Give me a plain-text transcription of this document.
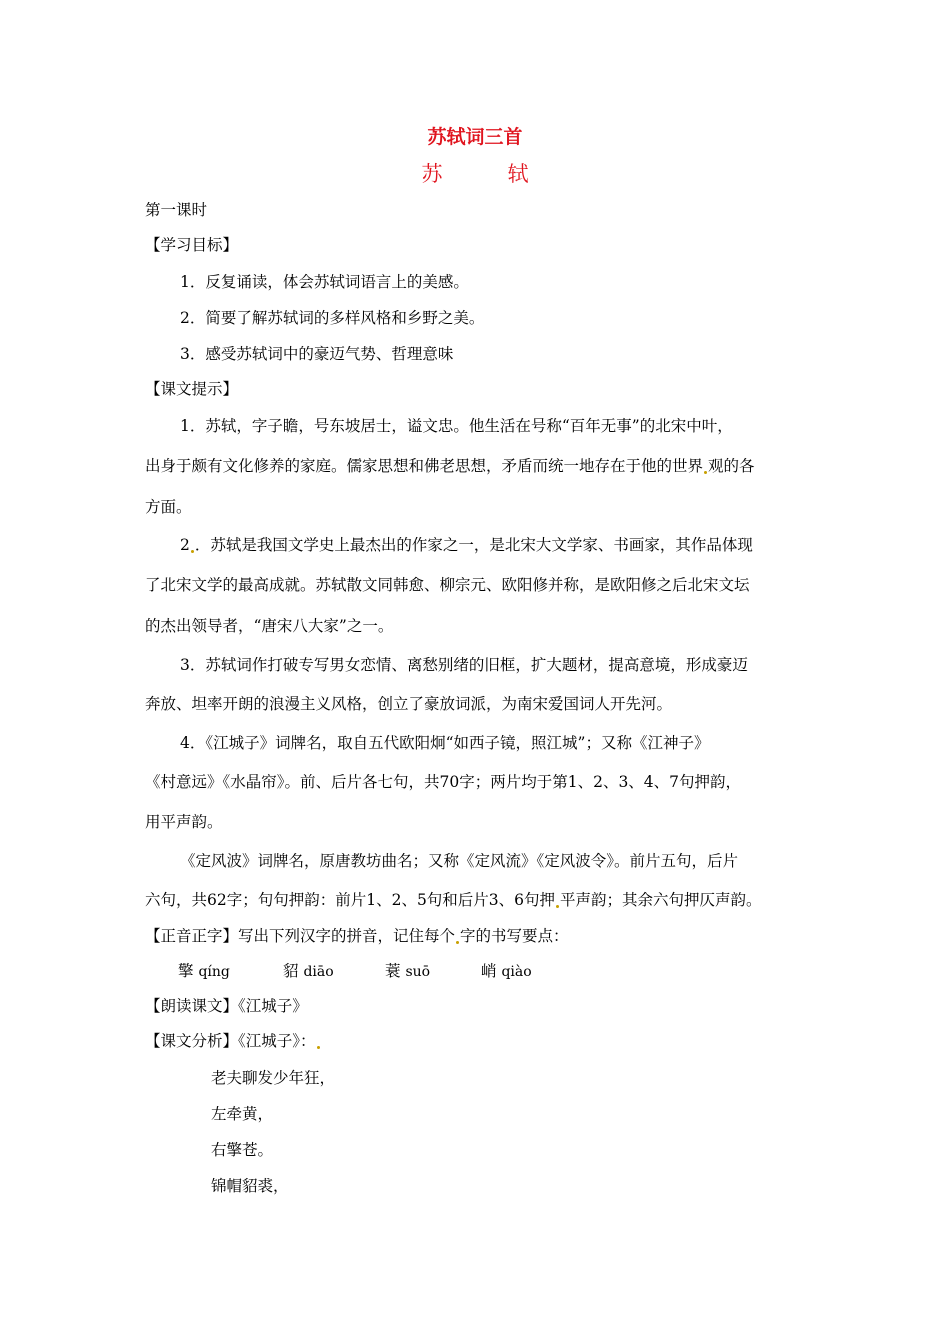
苏轼词三首
苏　轼
第一课时
【学习目标】
1．反复诵读，体会苏轼词语言上的美感。
2．简要了解苏轼词的多样风格和乡野之美。
3．感受苏轼词中的豪迈气势、哲理意味
【课文提示】
1．苏轼，字子瞻，号东坡居士，谥文忠。他生活在号称“百年无事”的北宋中叶，
出身于颇有文化修养的家庭。儒家思想和佛老思想，矛盾而统一地存在于他的世界 观的各
方面。
2 ．苏轼是我国文学史上最杰出的作家之一，是北宋大文学家、书画家，其作品体现
了北宋文学的最高成就。苏轼散文同韩愈、柳宗元、欧阳修并称，是欧阳修之后北宋文坛
的杰出领导者，“唐宋八大家”之一。
3．苏轼词作打破专写男女恋情、离愁别绪的旧框，扩大题材，提高意境，形成豪迈
奔放、坦率开朗的浪漫主义风格，创立了豪放词派，为南宋爱国词人开先河。
4．《江城子》词牌名，取自五代欧阳炯“如西子镜，照江城”；又称《江神子》
《村意远》《水晶帘》。前、后片各七句，共70字；两片均于第1、2、3、4、7句押韵，
用平声韵。
《定风波》词牌名，原唐教坊曲名；又称《定风流》《定风波令》。前片五句，后片
六句，共62字；句句押韵：前片1、2、5句和后片3、6句押 平声韵；其余六句押仄声韵。
【正音正字】写出下列汉字的拼音，记住每个 字的书写要点：
擎 qíng	貂 diāo	蓑 suō	峭 qiào
【朗读课文】《江城子》
【课文分析】《江城子》：
老夫聊发少年狂，
左牵黄，
右擎苍。
锦帽貂裘，
